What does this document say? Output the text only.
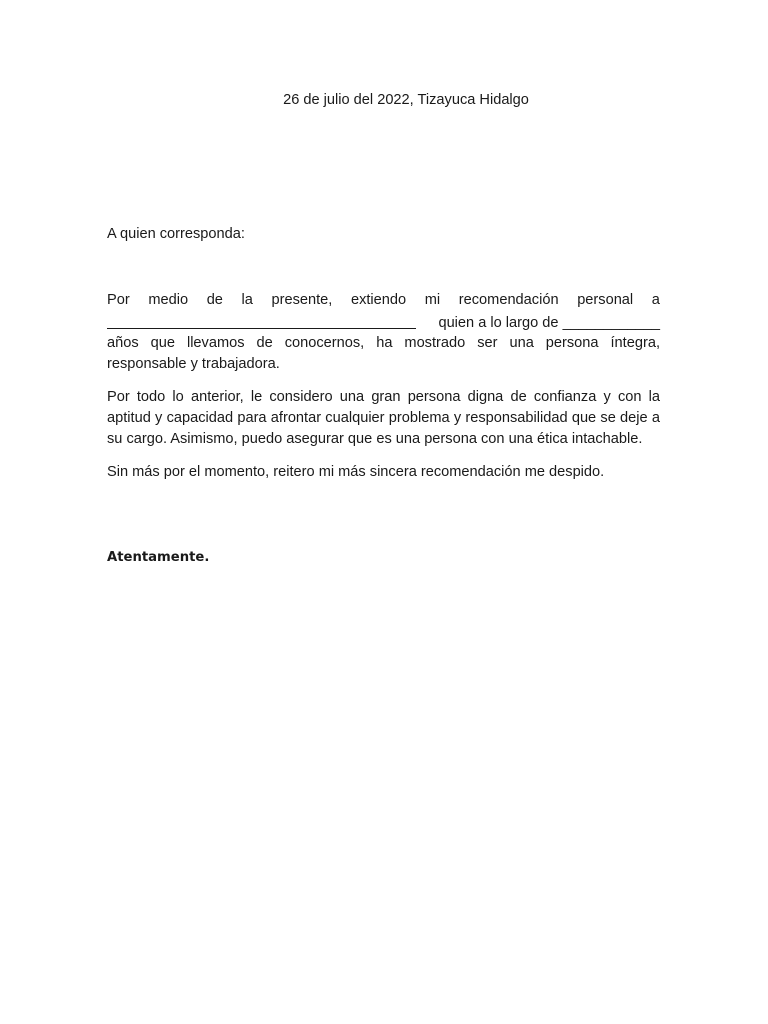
26 de julio del 2022, Tizayuca Hidalgo
A quien corresponda:
Por medio de la presente, extiendo mi recomendación personal a
quien a lo largo de ____________
años que llevamos de conocernos, ha mostrado ser una persona íntegra, responsable y trabajadora.

Por todo lo anterior, le considero una gran persona digna de confianza y con la aptitud y capacidad para afrontar cualquier problema y responsabilidad que se deje a su cargo. Asimismo, puedo asegurar que es una persona con una ética intachable.

Sin más por el momento, reitero mi más sincera recomendación me despido.

Atentamente.
